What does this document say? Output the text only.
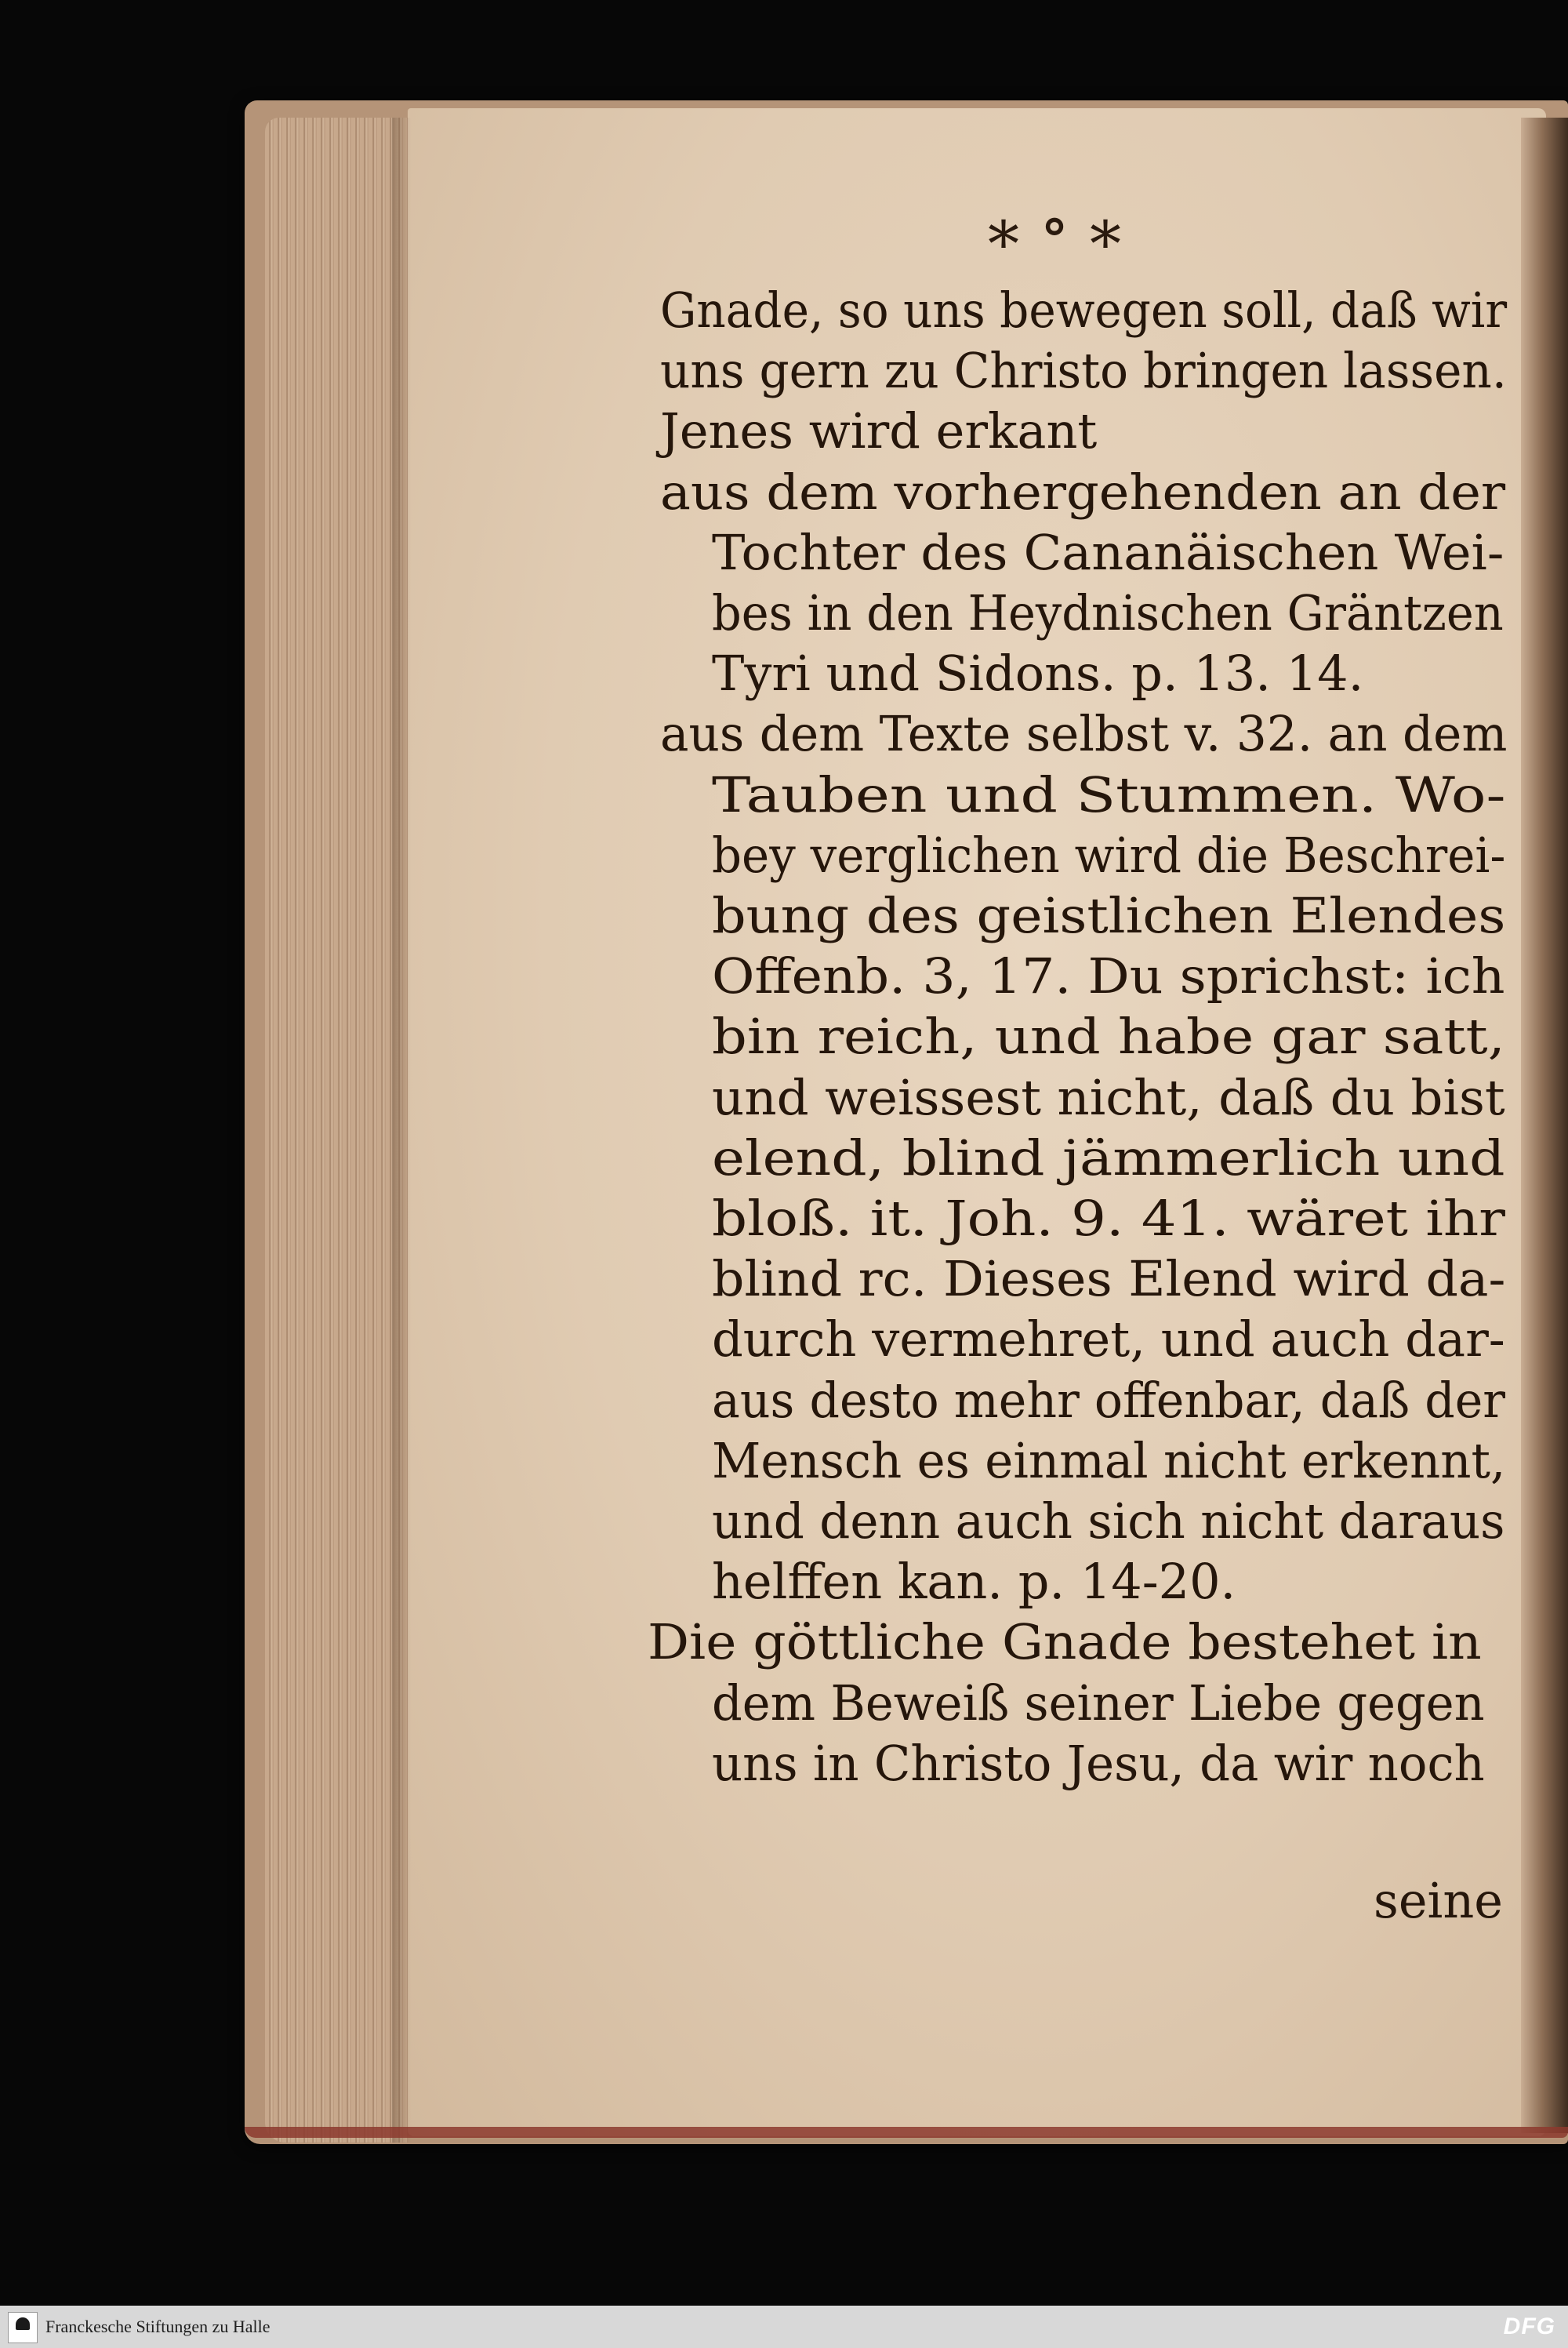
⁎ ∘ ⁎
Gnade, so uns bewegen soll, daß wir
uns gern zu Christo bringen lassen.
Jenes wird erkant
aus dem vorhergehenden an der
Tochter des Cananäischen Wei-
bes in den Heydnischen Gräntzen
Tyri und Sidons. p. 13. 14.
aus dem Texte selbst v. 32. an dem
Tauben und Stummen. Wo-
bey verglichen wird die Beschrei-
bung des geistlichen Elendes
Offenb. 3, 17. Du sprichst: ich
bin reich, und habe gar satt,
und weissest nicht, daß du bist
elend, blind jämmerlich und
bloß. it. Joh. 9. 41. wäret ihr
blind rc. Dieses Elend wird da-
durch vermehret, und auch dar-
aus desto mehr offenbar, daß der
Mensch es einmal nicht erkennt,
und denn auch sich nicht daraus
helffen kan. p. 14-20.
Die göttliche Gnade bestehet in
dem Beweiß seiner Liebe gegen
uns in Christo Jesu, da wir noch
seine
Franckesche Stiftungen zu Halle	DFG
